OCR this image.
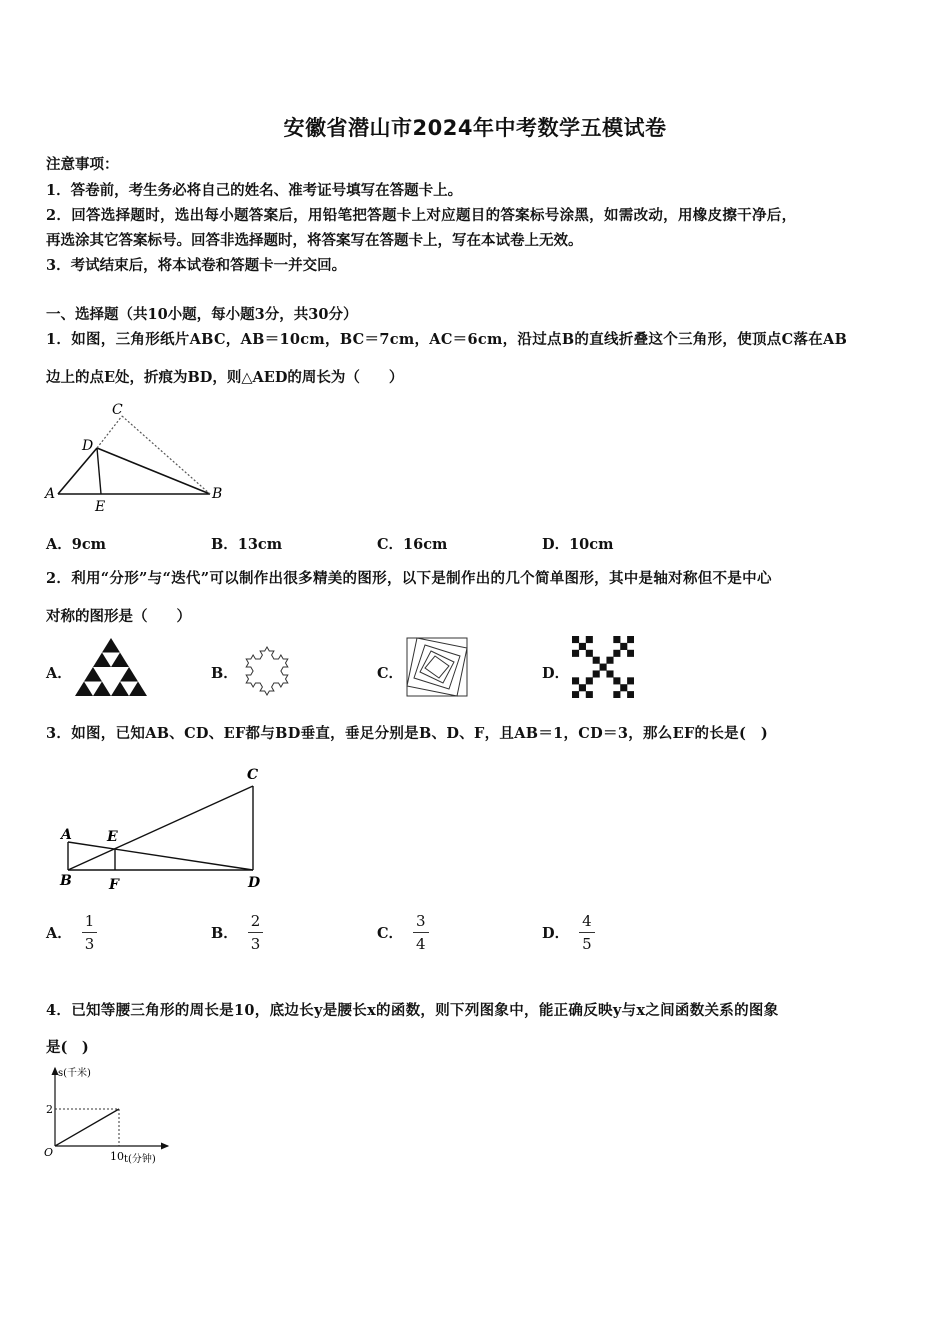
安徽省潜山市2024年中考数学五模试卷
注意事项：
1．答卷前，考生务必将自己的姓名、准考证号填写在答题卡上。
2．回答选择题时，选出每小题答案后，用铅笔把答题卡上对应题目的答案标号涂黑，如需改动，用橡皮擦干净后，
再选涂其它答案标号。回答非选择题时，将答案写在答题卡上，写在本试卷上无效。
3．考试结束后，将本试卷和答题卡一并交回。
一、选择题（共10小题，每小题3分，共30分）
1．如图，三角形纸片ABC，AB＝10cm，BC＝7cm，AC＝6cm，沿过点B的直线折叠这个三角形，使顶点C落在AB
边上的点E处，折痕为BD，则△AED的周长为（　　）
C
D
A
E
B
A．9cm	B．13cm	C．16cm	D．10cm
2．利用“分形”与“迭代”可以制作出很多精美的图形，以下是制作出的几个简单图形，其中是轴对称但不是中心
对称的图形是（　　）
A．	B．	C．	D．
3．如图，已知AB、CD、EF都与BD垂直，垂足分别是B、D、F，且AB＝1，CD＝3，那么EF的长是(　)
C
A	E
B	F	D
A． $\frac{1}{3}$	B． $\frac{2}{3}$	C． $\frac{3}{4}$	D． $\frac{4}{5}$
4．已知等腰三角形的周长是10，底边长y是腰长x的函数，则下列图象中，能正确反映y与x之间函数关系的图象
是(　)
s(千米)
2
O	10 t(分钟)
